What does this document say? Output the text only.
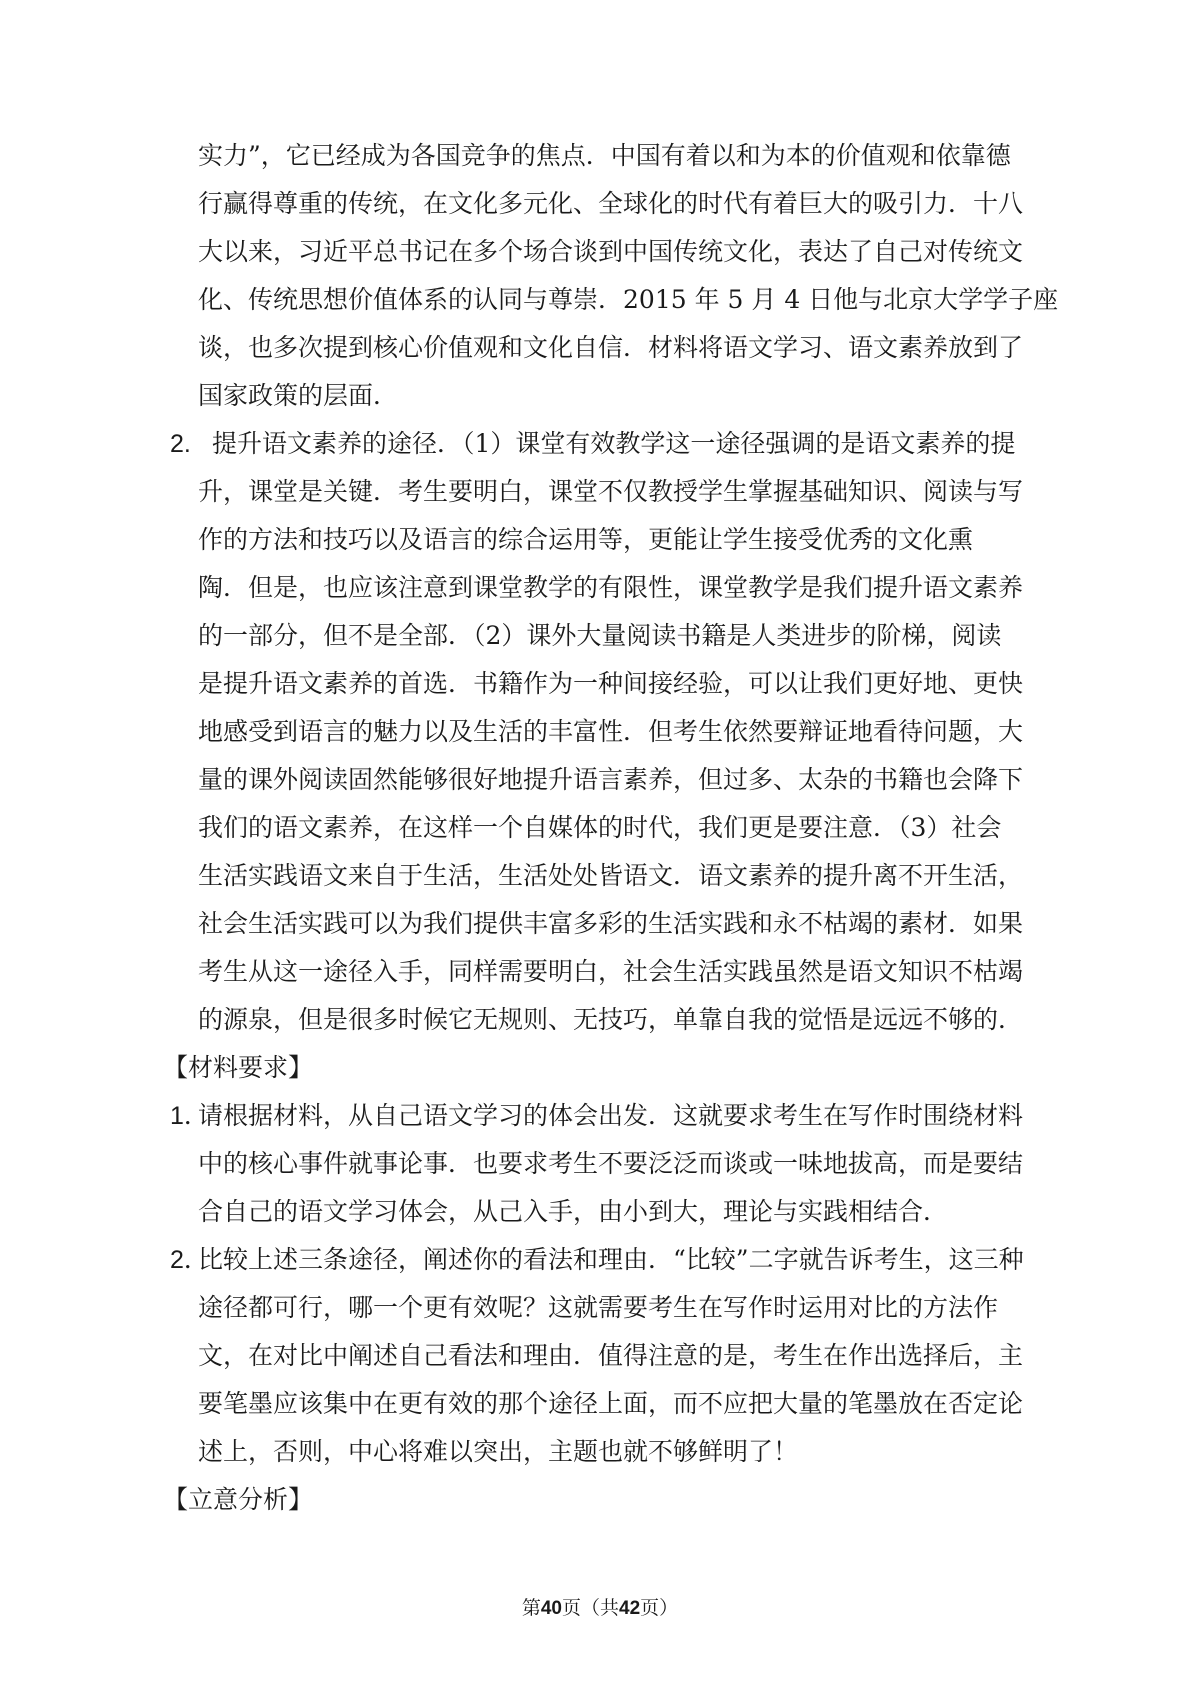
实力”，它已经成为各国竞争的焦点．中国有着以和为本的价值观和依靠德
行赢得尊重的传统，在文化多元化、全球化的时代有着巨大的吸引力．十八
大以来，习近平总书记在多个场合谈到中国传统文化，表达了自己对传统文
化、传统思想价值体系的认同与尊崇．2015 年 5 月 4 日他与北京大学学子座
谈，也多次提到核心价值观和文化自信．材料将语文学习、语文素养放到了
国家政策的层面．
2. 提升语文素养的途径．（1）课堂有效教学这一途径强调的是语文素养的提
升，课堂是关键．考生要明白，课堂不仅教授学生掌握基础知识、阅读与写
作的方法和技巧以及语言的综合运用等，更能让学生接受优秀的文化熏
陶．但是，也应该注意到课堂教学的有限性，课堂教学是我们提升语文素养
的一部分，但不是全部．（2）课外大量阅读书籍是人类进步的阶梯，阅读
是提升语文素养的首选．书籍作为一种间接经验，可以让我们更好地、更快
地感受到语言的魅力以及生活的丰富性．但考生依然要辩证地看待问题，大
量的课外阅读固然能够很好地提升语言素养，但过多、太杂的书籍也会降下
我们的语文素养，在这样一个自媒体的时代，我们更是要注意．（3）社会
生活实践语文来自于生活，生活处处皆语文．语文素养的提升离不开生活，
社会生活实践可以为我们提供丰富多彩的生活实践和永不枯竭的素材．如果
考生从这一途径入手，同样需要明白，社会生活实践虽然是语文知识不枯竭
的源泉，但是很多时候它无规则、无技巧，单靠自我的觉悟是远远不够的．
【材料要求】
1．
请根据材料，从自己语文学习的体会出发．这就要求考生在写作时围绕材料
中的核心事件就事论事．也要求考生不要泛泛而谈或一味地拔高，而是要结
合自己的语文学习体会，从己入手，由小到大，理论与实践相结合．
2．
比较上述三条途径，阐述你的看法和理由．“比较”二字就告诉考生，这三种
途径都可行，哪一个更有效呢？这就需要考生在写作时运用对比的方法作
文，在对比中阐述自己看法和理由．值得注意的是，考生在作出选择后，主
要笔墨应该集中在更有效的那个途径上面，而不应把大量的笔墨放在否定论
述上，否则，中心将难以突出，主题也就不够鲜明了！
【立意分析】
第40页（共42页）
